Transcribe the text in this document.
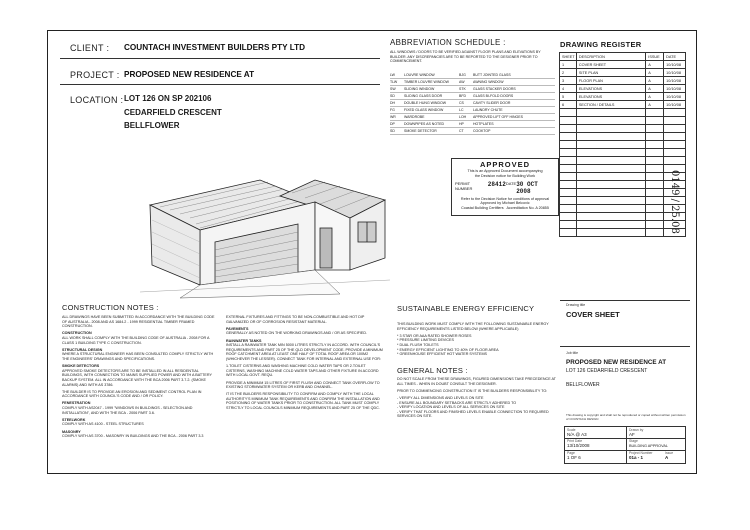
CLIENT : COUNTACH INVESTMENT BUILDERS PTY LTD
PROJECT : PROPOSED NEW RESIDENCE AT
LOCATION : LOT 126 ON SP 202106
CEDARFIELD CRESCENT
BELLFLOWER
ABBREVIATION SCHEDULE :
ALL WINDOWS / DOORS TO BE VERIFIED AGAINST FLOOR PLANS AND ELEVATIONS BY BUILDER. ANY DISCREPANCIES ARE TO BE REPORTED TO THE DESIGNER PRIOR TO COMMENCEMENT.
LW	LOUVRE WINDOW	BJG	BUTT JOINTED GLASS
TLW	TIMBER LOUVRE WINDOW	AW	AWNING WINDOW
SW	SLIDING WINDOW	STK	GLASS STACKER DOORS
SD	SLIDING GLASS DOOR	BFD	GLASS BI-FOLD DOORS
DH	DOUBLE HUNG WINDOW	CS	CAVITY SLIDER DOOR
FG	FIXED GLASS WINDOW	LC	LAUNDRY CHUTE
WR	WARDROBE	LOH	APPROVED LIFT OFF HINGES
DP	DOWNPIPES AS NOTED	HP	HOTPLATES
SD	SMOKE DETECTOR	CT	COOKTOP
APPROVED
This is an Approved Document accompanying
the Decision notice for Building Work
PERMIT NUMBER
28412 DATE 30 OCT 2008
Refer to the Decision Notice for conditions of approval
Approved by Michael Belcovic
Coastal Building Certifiers Accreditation No. A 20855
DRAWING REGISTER
SHEET	DESCRIPTION	ISSUE	DATE
1	COVER SHEET	A	10/10/08
2	SITE PLAN	A	10/10/08
3	FLOOR PLAN	A	10/10/08
4	ELEVATIONS	A	10/10/08
5	ELEVATIONS	A	10/10/08
6	SECTION / DETAILS	A	10/10/08
0149 / 25.08
CONSTRUCTION NOTES :

ALL DRAWINGS HAVE BEEN SUBMITTED IN ACCORDANCE WITH THE BUILDING CODE OF AUSTRALIA - 2008 AND AS 1684.2 - 1999 RESIDENTIAL TIMBER FRAMED CONSTRUCTION.

CONSTRUCTION

ALL WORK SHALL COMPLY WITH THE BUILDING CODE OF AUSTRALIA - 2008 FOR A CLASS 1 BUILDING TYPE C CONSTRUCTION.

STRUCTURAL DESIGN

WHERE A STRUCTURAL ENGINEER HAS BEEN CONSULTED COMPLY STRICTLY WITH THE ENGINEERS' DRAWINGS AND SPECIFICATIONS.

SMOKE DETECTORS

APPROVED SMOKE DETECTORS ARE TO BE INSTALLED IN ALL RESIDENTIAL BUILDINGS, WITH CONNECTION TO MAINS SUPPLIED POWER AND WITH A BATTERY BACKUP SYSTEM. ALL IN ACCORDANCE WITH THE BCA 2006 PART 3.7.2. (SMOKE ALARMS) AND WITH AS 3786.

THE BUILDER IS TO PROVIDE AN EROSION AND SEDIMENT CONTROL PLAN IN ACCORDANCE WITH COUNCIL'S CODE AND / OR POLICY.

FENESTRATION

COMPLY WITH AS2047 - 1999 "WINDOWS IN BUILDINGS - SELECTION AND INSTALLATION", AND WITH THE BCA - 2006 PART 3.6.

STEELWORK

COMPLY WITH AS 4100 - STEEL STRUCTURES

MASONRY

COMPLY WITH AS 3700 - MASONRY IN BUILDINGS AND THE BCA - 2006 PART 3.3

EXTERNAL FIXTURES AND FITTINGS TO BE NON-COMBUSTIBLE AND HOT DIP GALVANIZED OR OF CORROSION RESISTANT MATERIAL.

PAVEMENTS

GENERALLY AS NOTED ON THE WORKING DRAWINGS AND / OR AS SPECIFIED.

RAINWATER TANKS

INSTALL A RAINWATER TANK MIN 5000 LITRES STRICTLY IN ACCORD. WITH COUNCIL'S REQUIREMENTS AND PART 25 OF THE QLD DEVELOPMENT CODE. PROVIDE A MINIMUM ROOF CATCHMENT AREA AT LEAST ONE HALF OF TOTAL ROOF AREA OR 100M2 (WHICHEVER THE LESSER). CONNECT TANK FOR INTERNAL AND EXTERNAL USE FOR:

1.TOILET CISTERNS AND WASHING MACHINE COLD WATER TAPS OR 2.TOILET CISTERNS, WASHING MACHINE COLD WATER TAPS AND OTHER FIXTURE IN ACCORD WITH LOCAL GOVT. REQU.

PROVIDE A MINIMUM 15 LITRES OF FIRST FLUSH AND CONNECT TANK OVERFLOW TO EXISTING STORMWATER SYSTEM OR KERB AND CHANNEL.

IT IS THE BUILDERS RESPONSIBILITY TO CONFIRM AND COMPLY WITH THE LOCAL AUTHORITY'S MINIMUM TANK REQUIREMENTS AND CONFIRM THE INSTALLATION AND POSITIONING OF WATER TANKS PRIOR TO CONSTRUCTION. ALL TANK MUST COMPLY STRICTLY TO LOCAL COUNCILS MINIMUM REQUIREMENTS AND PART 25 OF THE QDC.

SUSTAINABLE ENERGY EFFICIENCY

THIS BUILDING WORK MUST COMPLY WITH THE FOLLOWING SUSTAINABLE ENERGY EFFICIENCY REQUIREMENTS LISTED BELOW (WHERE APPLICABLE)

* 3 STAR OR AAA RATED SHOWER ROSES
* PRESSURE LIMITING DEVICES
* DUAL FLUSH TOILETS
* ENERGY EFFICIENT LIGHTING TO 40% OF FLOOR AREA
* GREENHOUSE EFFICIENT HOT WATER SYSTEMS
GENERAL NOTES :

DO NOT SCALE FROM THESE DRAWINGS, FIGURED DIMENSIONS TAKE PRECEDENCE AT ALL TIMES - WHEN IN DOUBT CONSULT THE DESIGNER.

PRIOR TO COMMENCING CONSTRUCTION IT IS THE BUILDERS RESPONSIBILITY TO:

- VERIFY ALL DIMENSIONS AND LEVELS ON SITE
- ENSURE ALL BOUNDARY SETBACKS ARE STRICTLY ADHERED TO
- VERIFY LOCATION AND LEVELS OF ALL SERVICES ON SITE
- VERIFY THAT FLOORS AND FINISHED LEVELS ENABLE CONNECTION TO REQUIRED SERVICES ON SITE.
Drawing title
COVER SHEET
Job title
PROPOSED NEW RESIDENCE AT
LOT 126 CEDARFIELD CRESCENT
BELLFLOWER
This drawing is copyright and shall not be reproduced or copied without written permission of COUNTACH DESIGN
Scale
N/A @ A3
Drawn by
AF
Print Date
13/10/2008
Stage
BUILDING APPROVAL
Page
1 OF 6
Project Number
01a - 1
Issue
A
